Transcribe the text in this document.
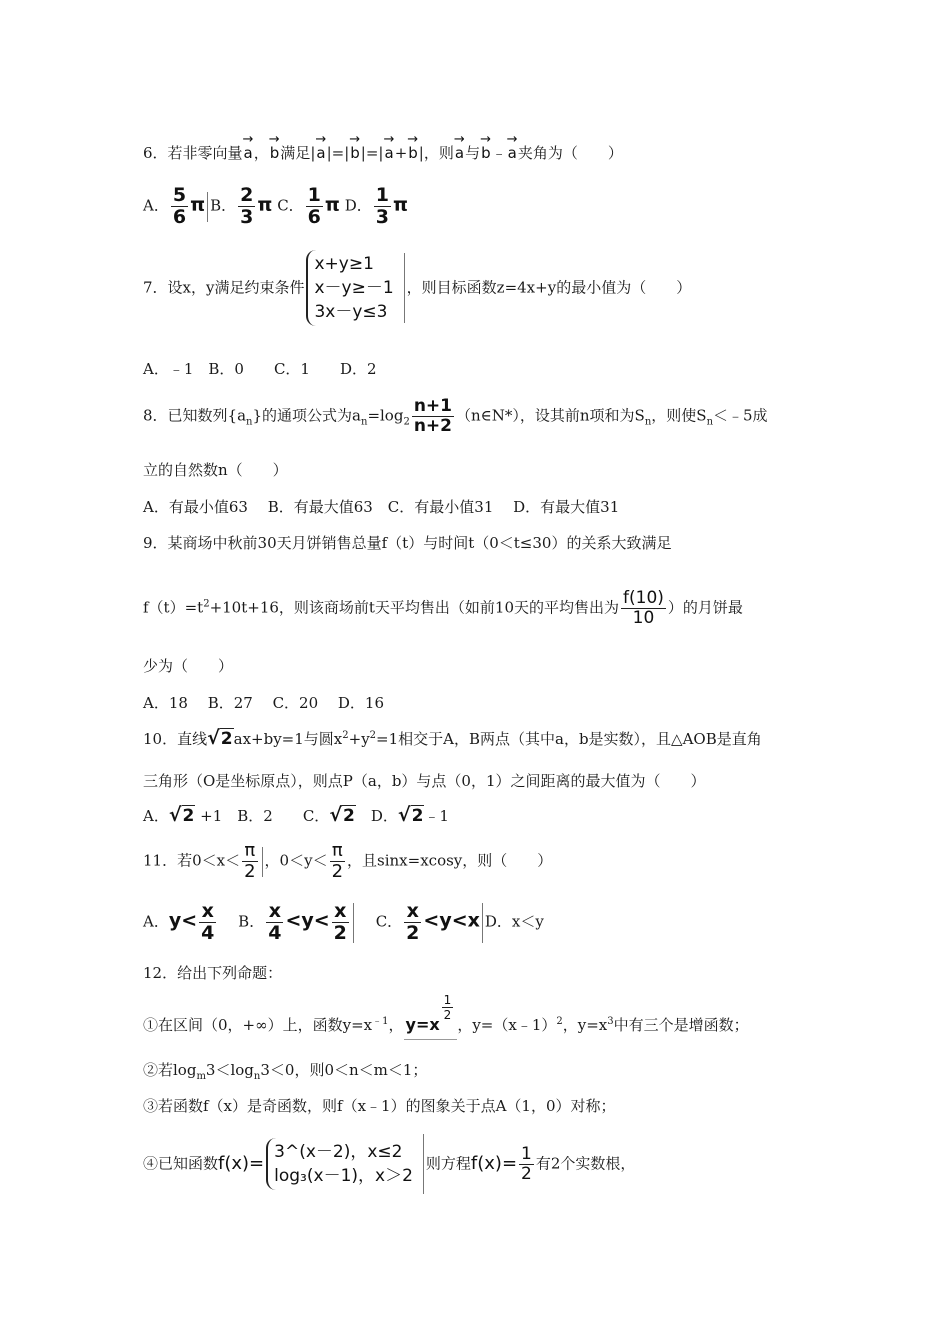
6．若非零向量→ a，→ b满足|→ a|=|→ b|=|→ a+→ b|，则→ a与→ b﹣→ a夹角为（　　）
A． $\frac{5}{6}$ π B． $\frac{2}{3}$ π C． $\frac{1}{6}$ π D． $\frac{1}{3}$ π
7．设x，y满足约束条件
x+y≥1
x－y≥－1
3x－y≤3
，则目标函数z=4x+y的最小值为（　　）
A．﹣1　B．0　　C．1　　D．2
8．已知数列$\{a_n\}$的通项公式为$a_n=\log_2 \frac{n+1}{n+2}$ （n∈N*），设其前n项和为$S_n$，则使$S_n<﹣5$成
立的自然数n（　　）
A．有最小值63　 B．有最大值63　C．有最小值31　 D．有最大值31
9．某商场中秋前30天月饼销售总量f（t）与时间t（0＜t≤30）的关系大致满足
$f(t)=t^2+10t+16$，则该商场前t天平均售出（如前10天的平均售出为 $\frac{f(10)}{10}$ ）的月饼最
少为（　　）
A．18　 B．27　 C．20　 D．16
10．直线√2ax+by=1与圆$x^2+y^2=1$相交于A，B两点（其中a，b是实数），且△AOB是直角
三角形（O是坐标原点），则点P（a，b）与点（0，1）之间距离的最大值为（　　）
A．√2 +1　B．2　　C．√2　D．√2﹣1
11．若$0<x< \frac{\pi}{2}$ ，$0<y< \frac{\pi}{2}$ ，且sinx=xcosy，则（　　）
A．$y< \frac{x}{4}$ 　B． $\frac{x}{4} <y< \frac{x}{2}$ 　C． $\frac{x}{2} <y<x$ D．x＜y
12．给出下列命题：
①在区间（0，+∞）上，函数$y=x^{﹣1}$， y=x
$\frac{1}{2}$
，y=（x﹣1）$^2$，$y=x^3$中有三个是增函数；
②若$\log_m3<\log_n3<0$，则0＜n＜m＜1；
③若函数f（x）是奇函数，则f（x﹣1）的图象关于点A（1，0）对称；
④已知函数f(x)=
3^(x－2)，x≤2
log₃(x－1)，x＞2
则方程$f(x)= \frac{1}{2}$ 有2个实数根，
